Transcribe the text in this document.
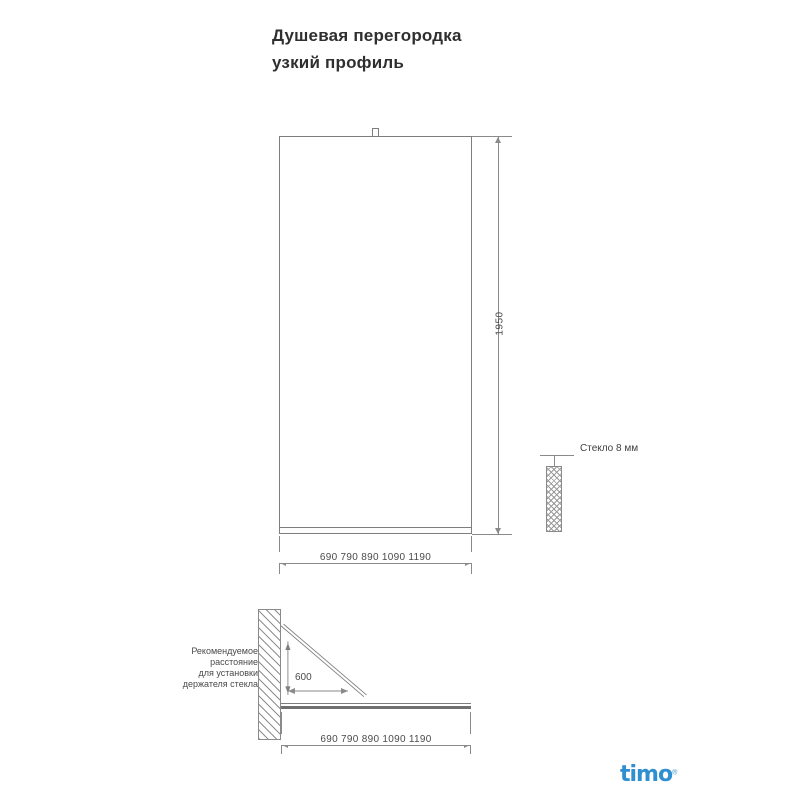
Душевая перегородка
узкий профиль
1950
690 790 890 1090 1190
Стекло 8 мм
600
Рекомендуемое
расстояние
для установки
держателя стекла
690 790 890 1090 1190
timo®
